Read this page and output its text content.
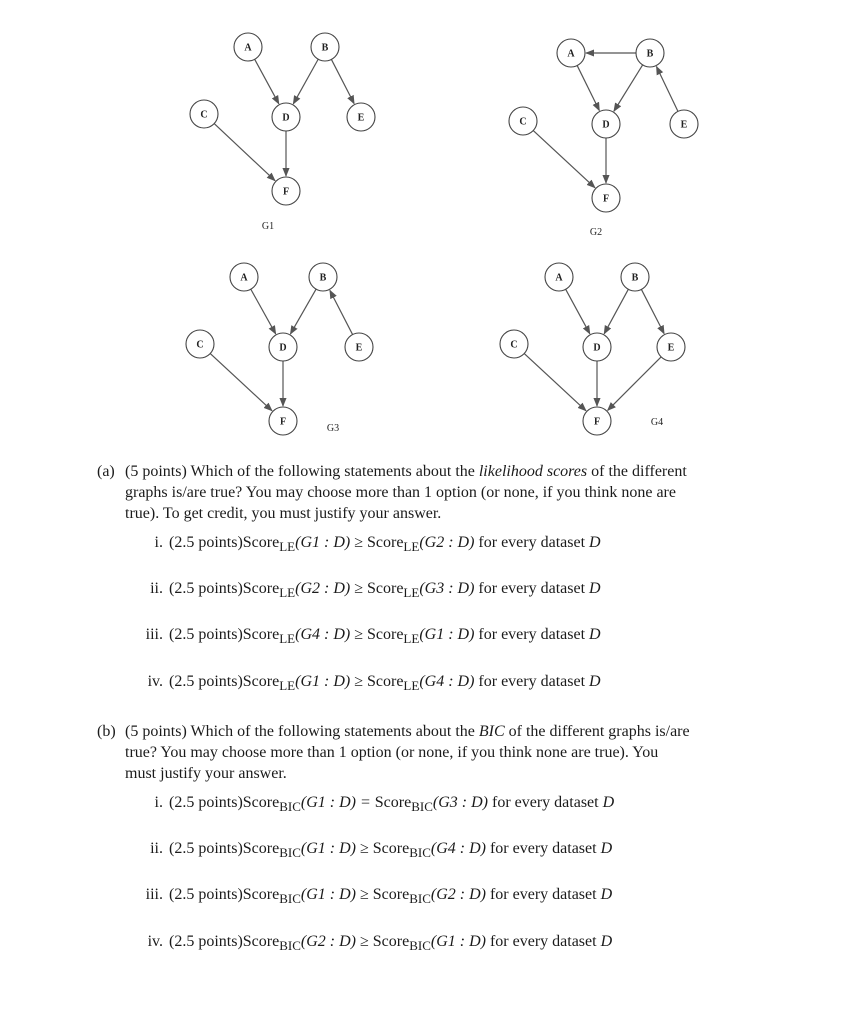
A	B
C	D	E
F
G1
A	B
C	D	E
F
G2
A	B
C	D	E
F
G3
A	B
C	D	E
F	G4
(a) (5 points) Which of the following statements about the likelihood scores of the different
graphs is/are true? You may choose more than 1 option (or none, if you think none are
true). To get credit, you must justify your answer.
i. (2.5 points)Score$_{LE}$(G1 : D) ≥ Score$_{LE}$(G2 : D) for every dataset D
ii. (2.5 points)Score$_{LE}$(G2 : D) ≥ Score$_{LE}$(G3 : D) for every dataset D
iii. (2.5 points)Score$_{LE}$(G4 : D) ≥ Score$_{LE}$(G1 : D) for every dataset D
iv. (2.5 points)Score$_{LE}$(G1 : D) ≥ Score$_{LE}$(G4 : D) for every dataset D
(b) (5 points) Which of the following statements about the BIC of the different graphs is/are
true? You may choose more than 1 option (or none, if you think none are true). You
must justify your answer.
i. (2.5 points)Score$_{BIC}$(G1 : D) = Score$_{BIC}$(G3 : D) for every dataset D
ii. (2.5 points)Score$_{BIC}$(G1 : D) ≥ Score$_{BIC}$(G4 : D) for every dataset D
iii. (2.5 points)Score$_{BIC}$(G1 : D) ≥ Score$_{BIC}$(G2 : D) for every dataset D
iv. (2.5 points)Score$_{BIC}$(G2 : D) ≥ Score$_{BIC}$(G1 : D) for every dataset D
